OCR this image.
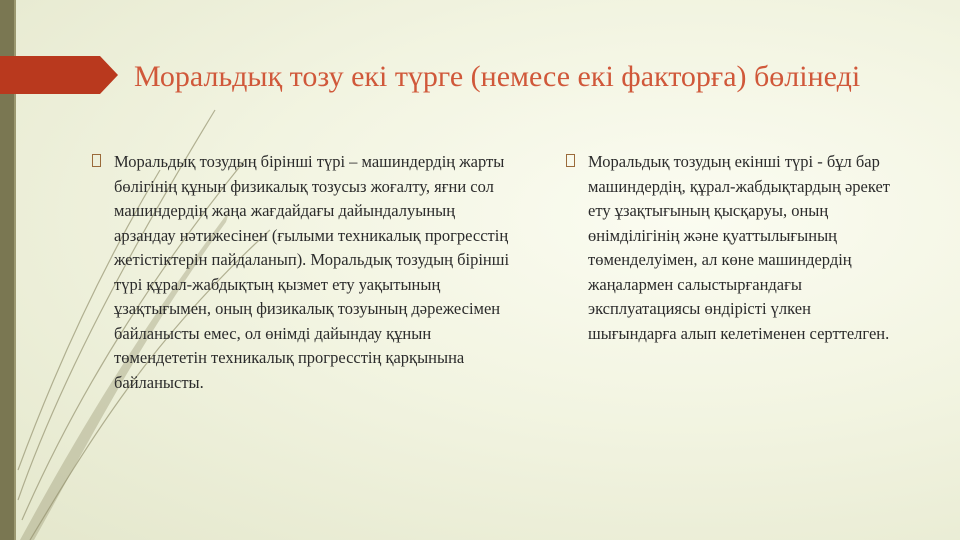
Моральдық тозу екі түрге (немесе екі факторға) бөлінеді
Моральдық тозудың бірінші түрі – машиндердің жарты бөлігінің құнын физикалық тозусыз жоғалту, яғни сол машиндердің жаңа жағдайдағы дайындалуының арзандау нәтижесінен (ғылыми техникалық прогресстің жетістіктерін пайдаланып). Моральдық тозудың бірінші түрі құрал-жабдықтың қызмет ету уақытының ұзақтығымен, оның физикалық тозуының дәрежесімен байланысты емес, ол өнімді дайындау құнын төмендететін техникалық прогресстің қарқынына байланысты.
Моральдық тозудың екінші түрі - бұл бар машиндердің, құрал-жабдықтардың әрекет ету ұзақтығының қысқаруы, оның өнімділігінің және қуаттылығының төменделуімен, ал көне машиндердің жаңалармен салыстырғандағы эксплуатациясы өндірісті үлкен шығындарға алып келетіменен серттелген.
